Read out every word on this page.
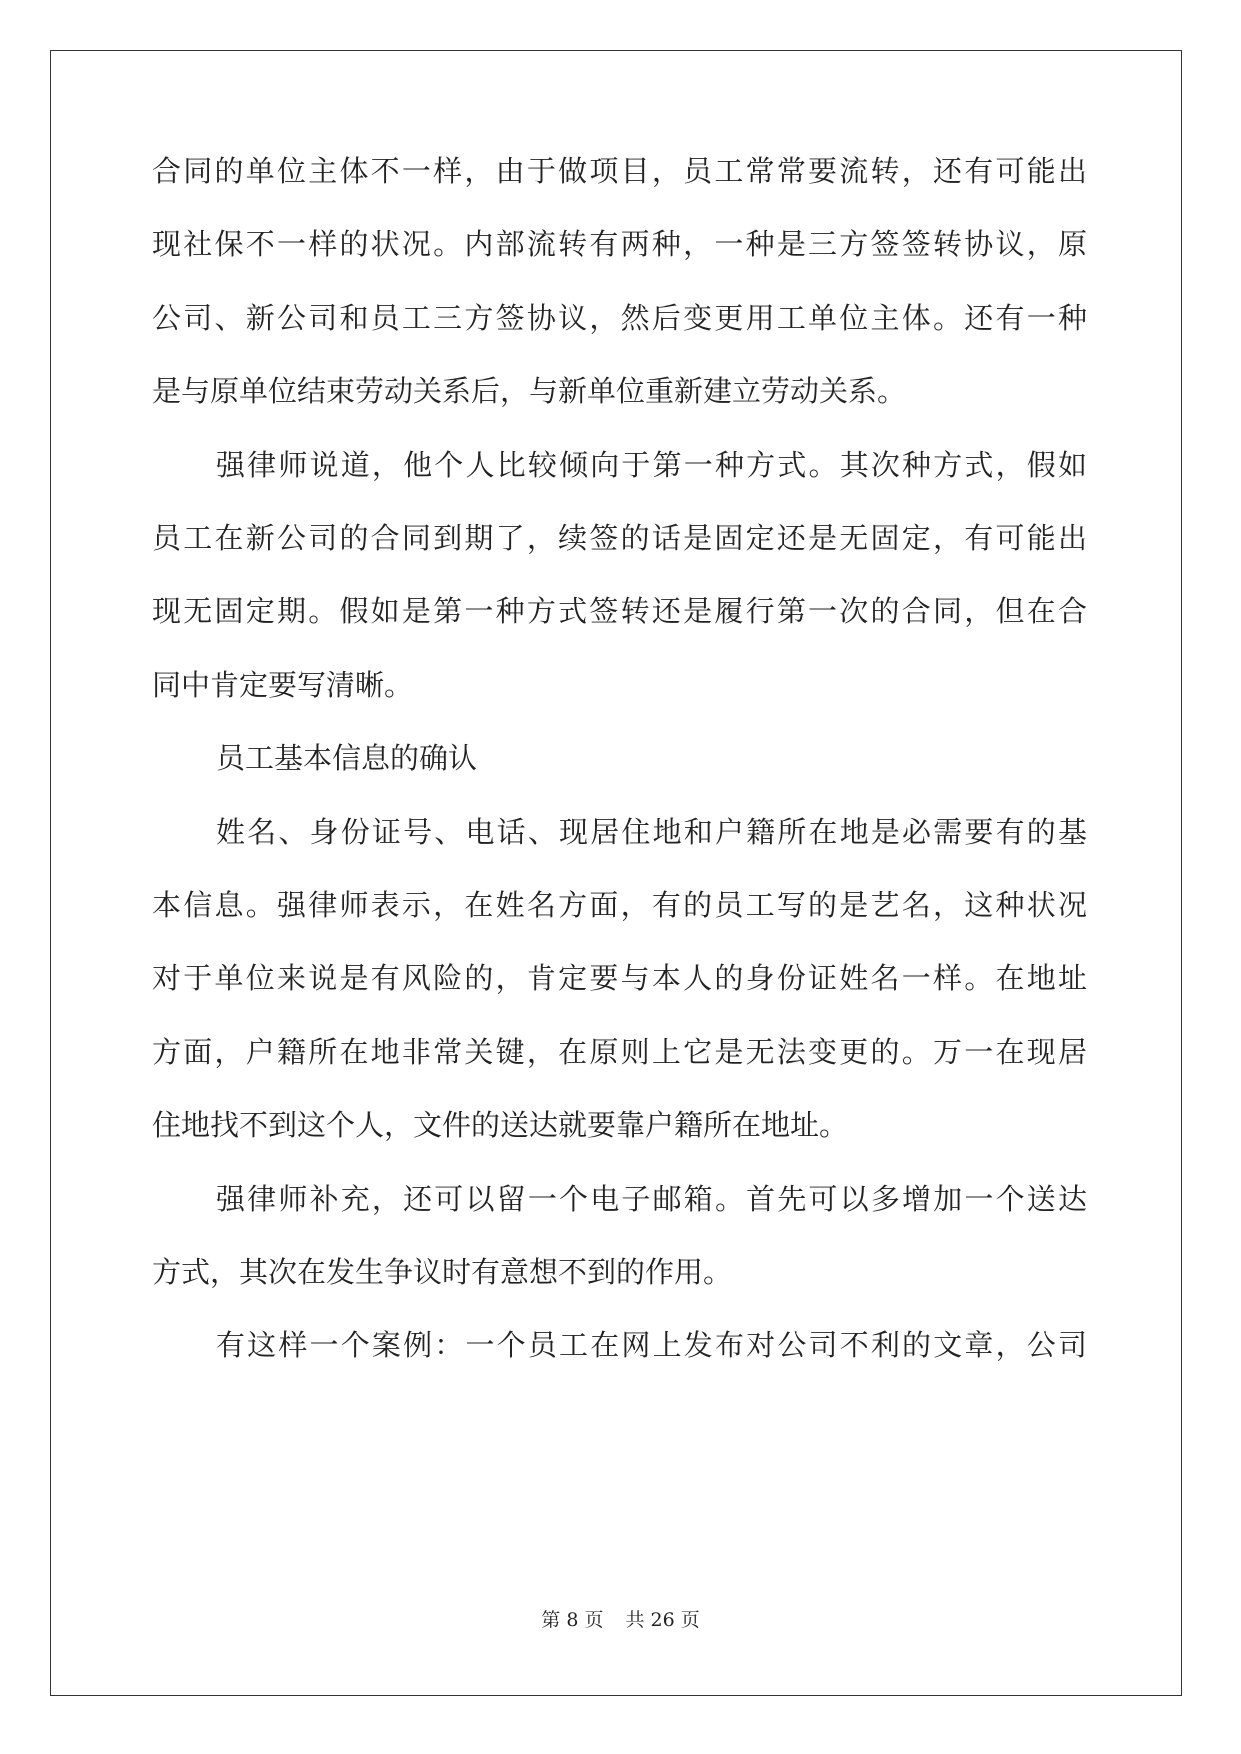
合同的单位主体不一样，由于做项目，员工常常要流转，还有可能出
现社保不一样的状况。内部流转有两种，一种是三方签签转协议，原
公司、新公司和员工三方签协议，然后变更用工单位主体。还有一种
是与原单位结束劳动关系后，与新单位重新建立劳动关系。
强律师说道，他个人比较倾向于第一种方式。其次种方式，假如
员工在新公司的合同到期了，续签的话是固定还是无固定，有可能出
现无固定期。假如是第一种方式签转还是履行第一次的合同，但在合
同中肯定要写清晰。
员工基本信息的确认
姓名、身份证号、电话、现居住地和户籍所在地是必需要有的基
本信息。强律师表示，在姓名方面，有的员工写的是艺名，这种状况
对于单位来说是有风险的，肯定要与本人的身份证姓名一样。在地址
方面，户籍所在地非常关键，在原则上它是无法变更的。万一在现居
住地找不到这个人，文件的送达就要靠户籍所在地址。
强律师补充，还可以留一个电子邮箱。首先可以多增加一个送达
方式，其次在发生争议时有意想不到的作用。
有这样一个案例：一个员工在网上发布对公司不利的文章，公司
第 8 页 共 26 页
